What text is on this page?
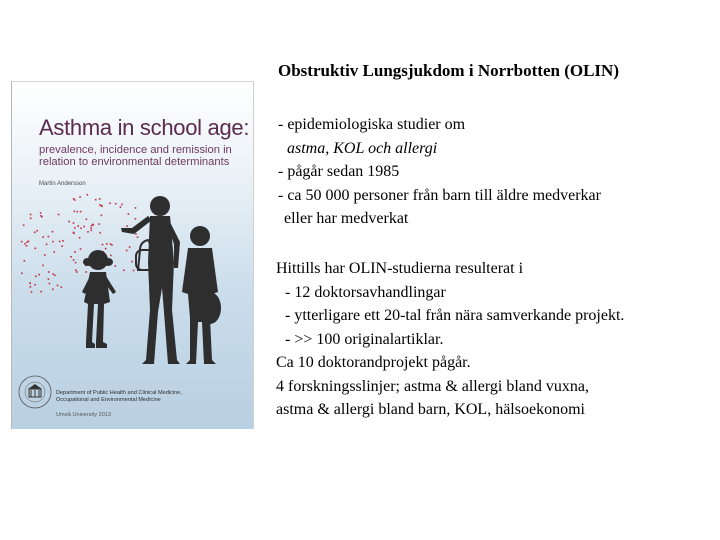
Asthma in school age:

prevalence, incidence and remission in
relation to environmental determinants

Martin Andersson
Department of Public Health and Clinical Medicine,
Occupational and Environmental Medicine
Umeå University 2013
Obstruktiv Lungsjukdom i Norrbotten (OLIN)
- epidemiologiska studier om
astma, KOL och allergi
- pågår sedan 1985
- ca 50 000 personer från barn till äldre medverkar
eller har medverkat
Hittills har OLIN-studierna resulterat i
- 12 doktorsavhandlingar
- ytterligare ett 20-tal från nära samverkande projekt.
- >> 100 originalartiklar.
Ca 10 doktorandprojekt pågår.
4 forskningsslinjer; astma & allergi bland vuxna,
astma & allergi bland barn, KOL, hälsoekonomi
